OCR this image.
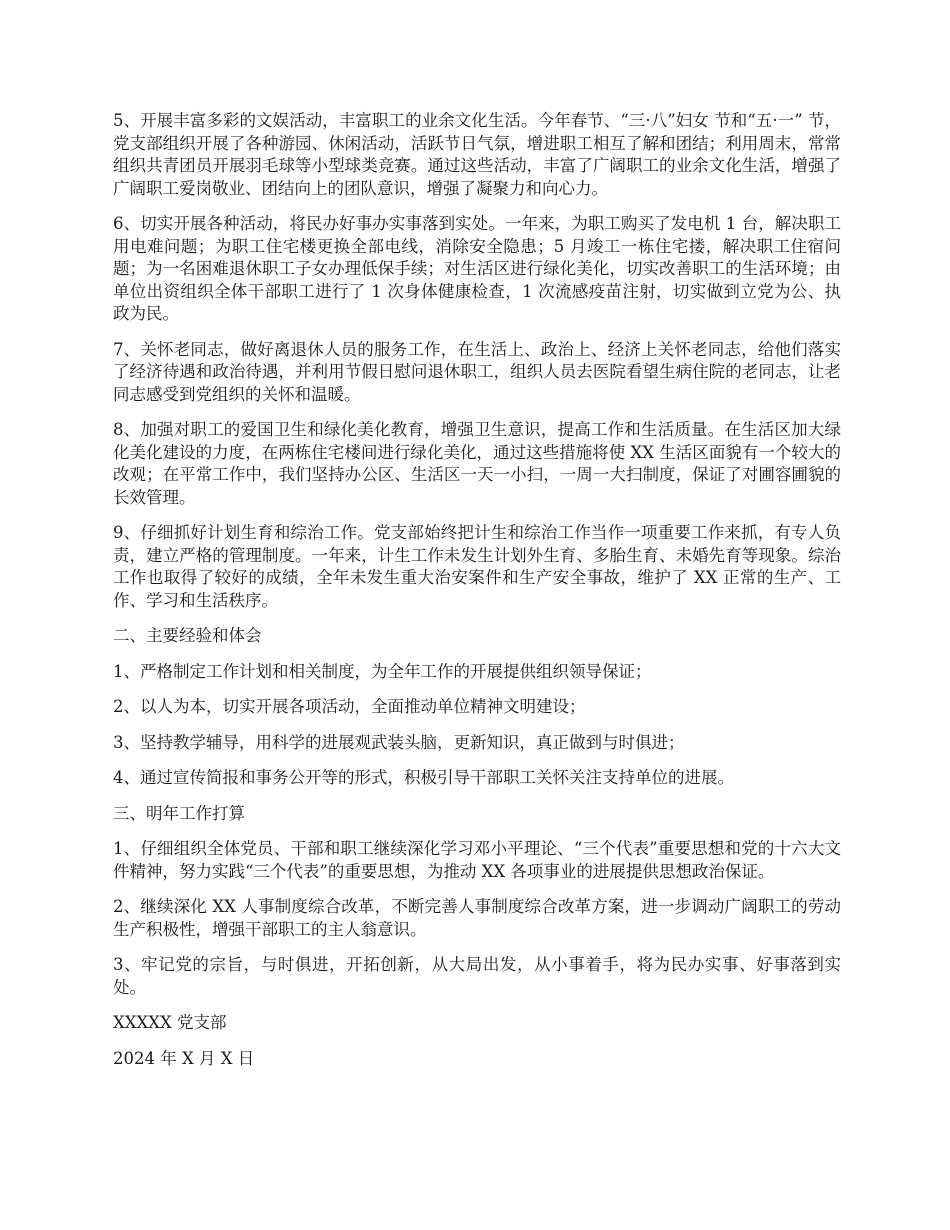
5、开展丰富多彩的文娱活动，丰富职工的业余文化生活。今年春节、“三·八”妇女 节和“五·一” 节，党支部组织开展了各种游园、休闲活动，活跃节日气氛，增进职工相互了解和团结；利用周末，常常组织共青团员开展羽毛球等小型球类竞赛。通过这些活动，丰富了广阔职工的业余文化生活，增强了广阔职工爱岗敬业、团结向上的团队意识，增强了凝聚力和向心力。

6、切实开展各种活动，将民办好事办实事落到实处。一年来，为职工购买了发电机 1 台，解决职工用电难问题；为职工住宅楼更换全部电线，消除安全隐患；5 月竣工一栋住宅搂，解决职工住宿问题；为一名困难退休职工子女办理低保手续；对生活区进行绿化美化，切实改善职工的生活环境；由单位出资组织全体干部职工进行了 1 次身体健康检查，1 次流感疫苗注射，切实做到立党为公、执政为民。

7、关怀老同志，做好离退休人员的服务工作，在生活上、政治上、经济上关怀老同志，给他们落实了经济待遇和政治待遇，并利用节假日慰问退休职工，组织人员去医院看望生病住院的老同志，让老同志感受到党组织的关怀和温暖。

8、加强对职工的爱国卫生和绿化美化教育，增强卫生意识，提高工作和生活质量。在生活区加大绿化美化建设的力度，在两栋住宅楼间进行绿化美化，通过这些措施将使 XX 生活区面貌有一个较大的改观；在平常工作中，我们坚持办公区、生活区一天一小扫，一周一大扫制度，保证了对圃容圃貌的长效管理。

9、仔细抓好计划生育和综治工作。党支部始终把计生和综治工作当作一项重要工作来抓，有专人负责，建立严格的管理制度。一年来，计生工作未发生计划外生育、多胎生育、未婚先育等现象。综治工作也取得了较好的成绩，全年未发生重大治安案件和生产安全事故，维护了 XX 正常的生产、工作、学习和生活秩序。

二、主要经验和体会

1、严格制定工作计划和相关制度，为全年工作的开展提供组织领导保证；

2、以人为本，切实开展各项活动，全面推动单位精神文明建设；

3、坚持教学辅导，用科学的进展观武装头脑，更新知识，真正做到与时俱进；

4、通过宣传简报和事务公开等的形式，积极引导干部职工关怀关注支持单位的进展。

三、明年工作打算

1、仔细组织全体党员、干部和职工继续深化学习邓小平理论、“三个代表”重要思想和党的十六大文件精神，努力实践“三个代表”的重要思想，为推动 XX 各项事业的进展提供思想政治保证。

2、继续深化 XX 人事制度综合改革，不断完善人事制度综合改革方案，进一步调动广阔职工的劳动生产积极性，增强干部职工的主人翁意识。

3、牢记党的宗旨，与时俱进，开拓创新，从大局出发，从小事着手，将为民办实事、好事落到实处。

XXXXX 党支部

2024 年 X 月 X 日
